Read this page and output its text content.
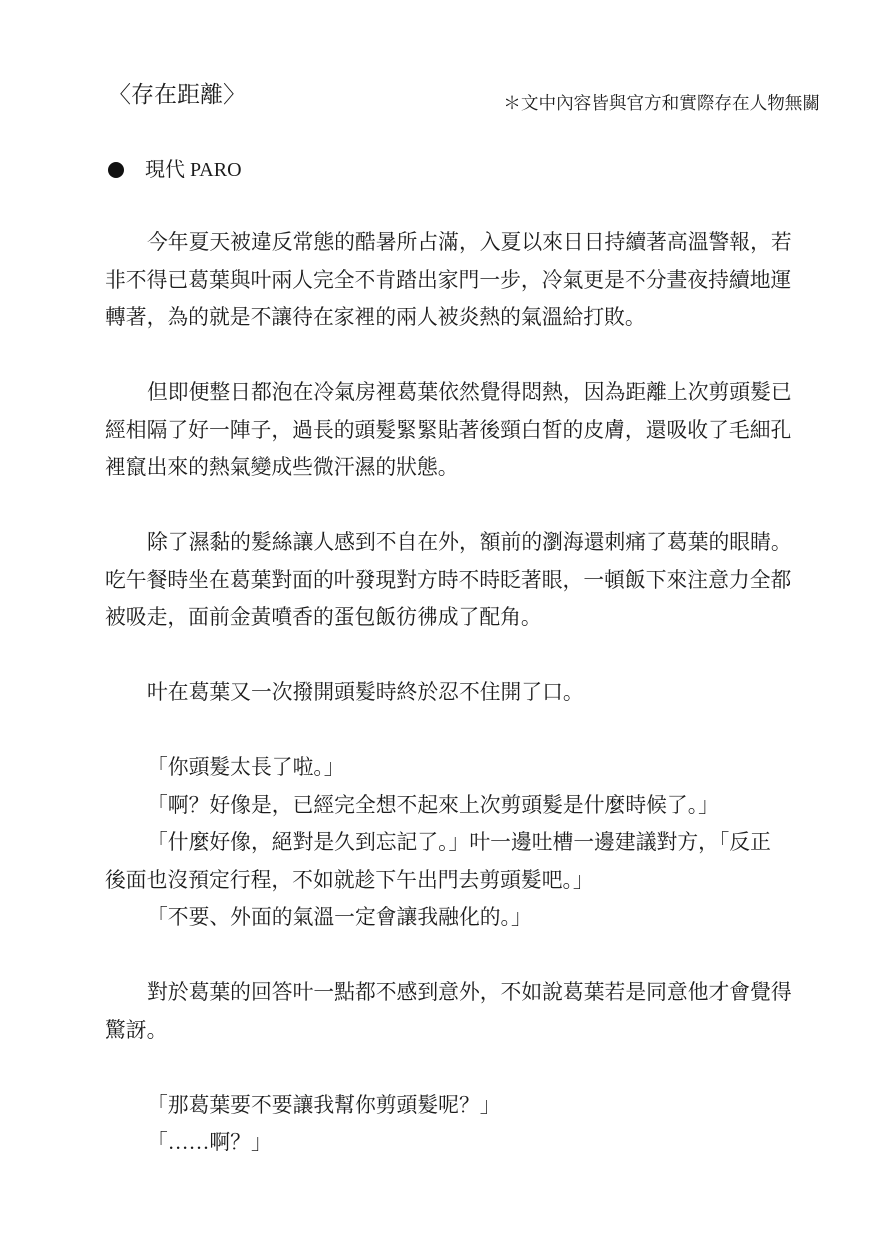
〈存在距離〉	＊文中內容皆與官方和實際存在人物無關
現代 PARO
今年夏天被違反常態的酷暑所占滿，入夏以來日日持續著高溫警報，若
非不得已葛葉與叶兩人完全不肯踏出家門一步，冷氣更是不分晝夜持續地運
轉著，為的就是不讓待在家裡的兩人被炎熱的氣溫給打敗。
但即便整日都泡在冷氣房裡葛葉依然覺得悶熱，因為距離上次剪頭髮已
經相隔了好一陣子，過長的頭髮緊緊貼著後頸白皙的皮膚，還吸收了毛細孔
裡竄出來的熱氣變成些微汗濕的狀態。
除了濕黏的髮絲讓人感到不自在外，額前的瀏海還刺痛了葛葉的眼睛。
吃午餐時坐在葛葉對面的叶發現對方時不時眨著眼，一頓飯下來注意力全都
被吸走，面前金黃噴香的蛋包飯彷彿成了配角。
叶在葛葉又一次撥開頭髮時終於忍不住開了口。
「你頭髮太長了啦。」
「啊？好像是，已經完全想不起來上次剪頭髮是什麼時候了。」
「什麼好像，絕對是久到忘記了。」叶一邊吐槽一邊建議對方，「反正
後面也沒預定行程，不如就趁下午出門去剪頭髮吧。」
「不要、外面的氣溫一定會讓我融化的。」
對於葛葉的回答叶一點都不感到意外，不如說葛葉若是同意他才會覺得
驚訝。
「那葛葉要不要讓我幫你剪頭髮呢？」
「……啊？」
